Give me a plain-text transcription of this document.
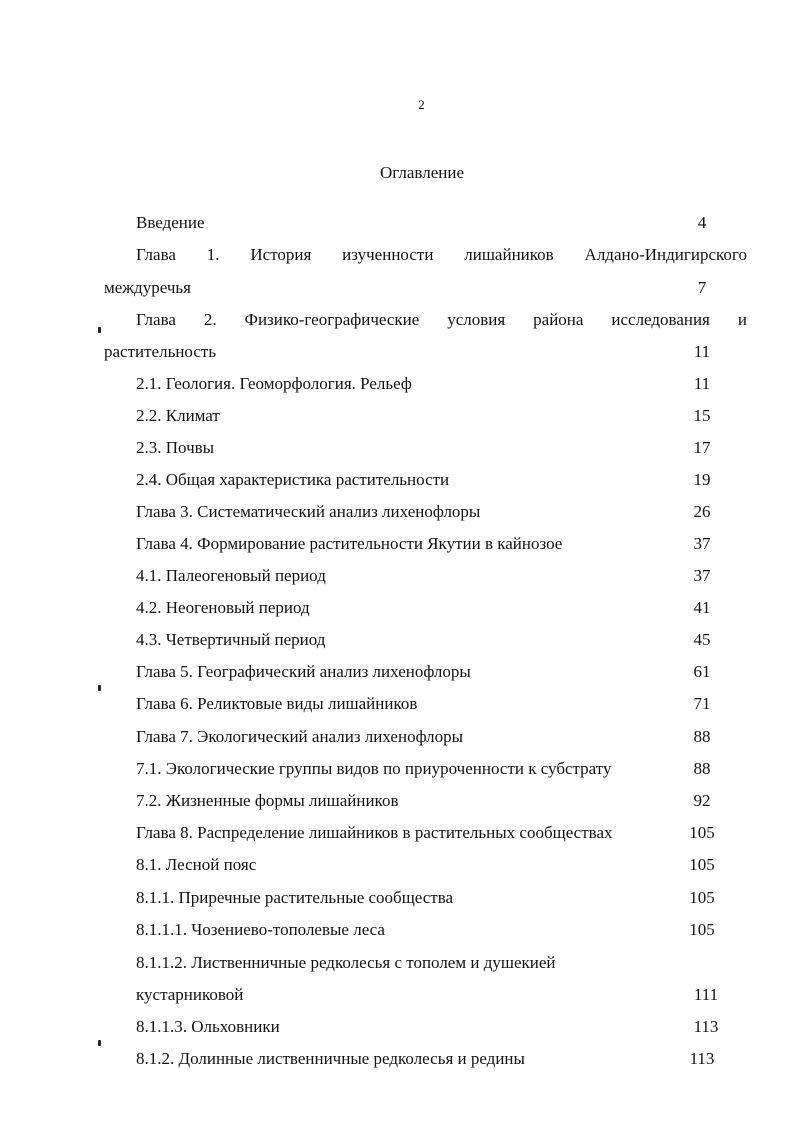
2
Оглавление
Введение	4
Глава 1. История изученности лишайников Алдано-Индигирского
междуречья	7
Глава 2. Физико-географические условия района исследования и
растительность	11
2.1. Геология. Геоморфология. Рельеф	11
2.2. Климат	15
2.3. Почвы	17
2.4. Общая характеристика растительности	19
Глава 3. Систематический анализ лихенофлоры	26
Глава 4. Формирование растительности Якутии в кайнозое	37
4.1. Палеогеновый период	37
4.2. Неогеновый период	41
4.3. Четвертичный период	45
Глава 5. Географический анализ лихенофлоры	61
Глава 6. Реликтовые виды лишайников	71
Глава 7. Экологический анализ лихенофлоры	88
7.1. Экологические группы видов по приуроченности к субстрату	88
7.2. Жизненные формы лишайников	92
Глава 8. Распределение лишайников в растительных сообществах	105
8.1. Лесной пояс	105
8.1.1. Приречные растительные сообщества	105
8.1.1.1. Чозениево-тополевые леса	105
8.1.1.2. Лиственничные редколесья с тополем и душекией
кустарниковой	111
8.1.1.3. Ольховники	113
8.1.2. Долинные лиственничные редколесья и редины	113
